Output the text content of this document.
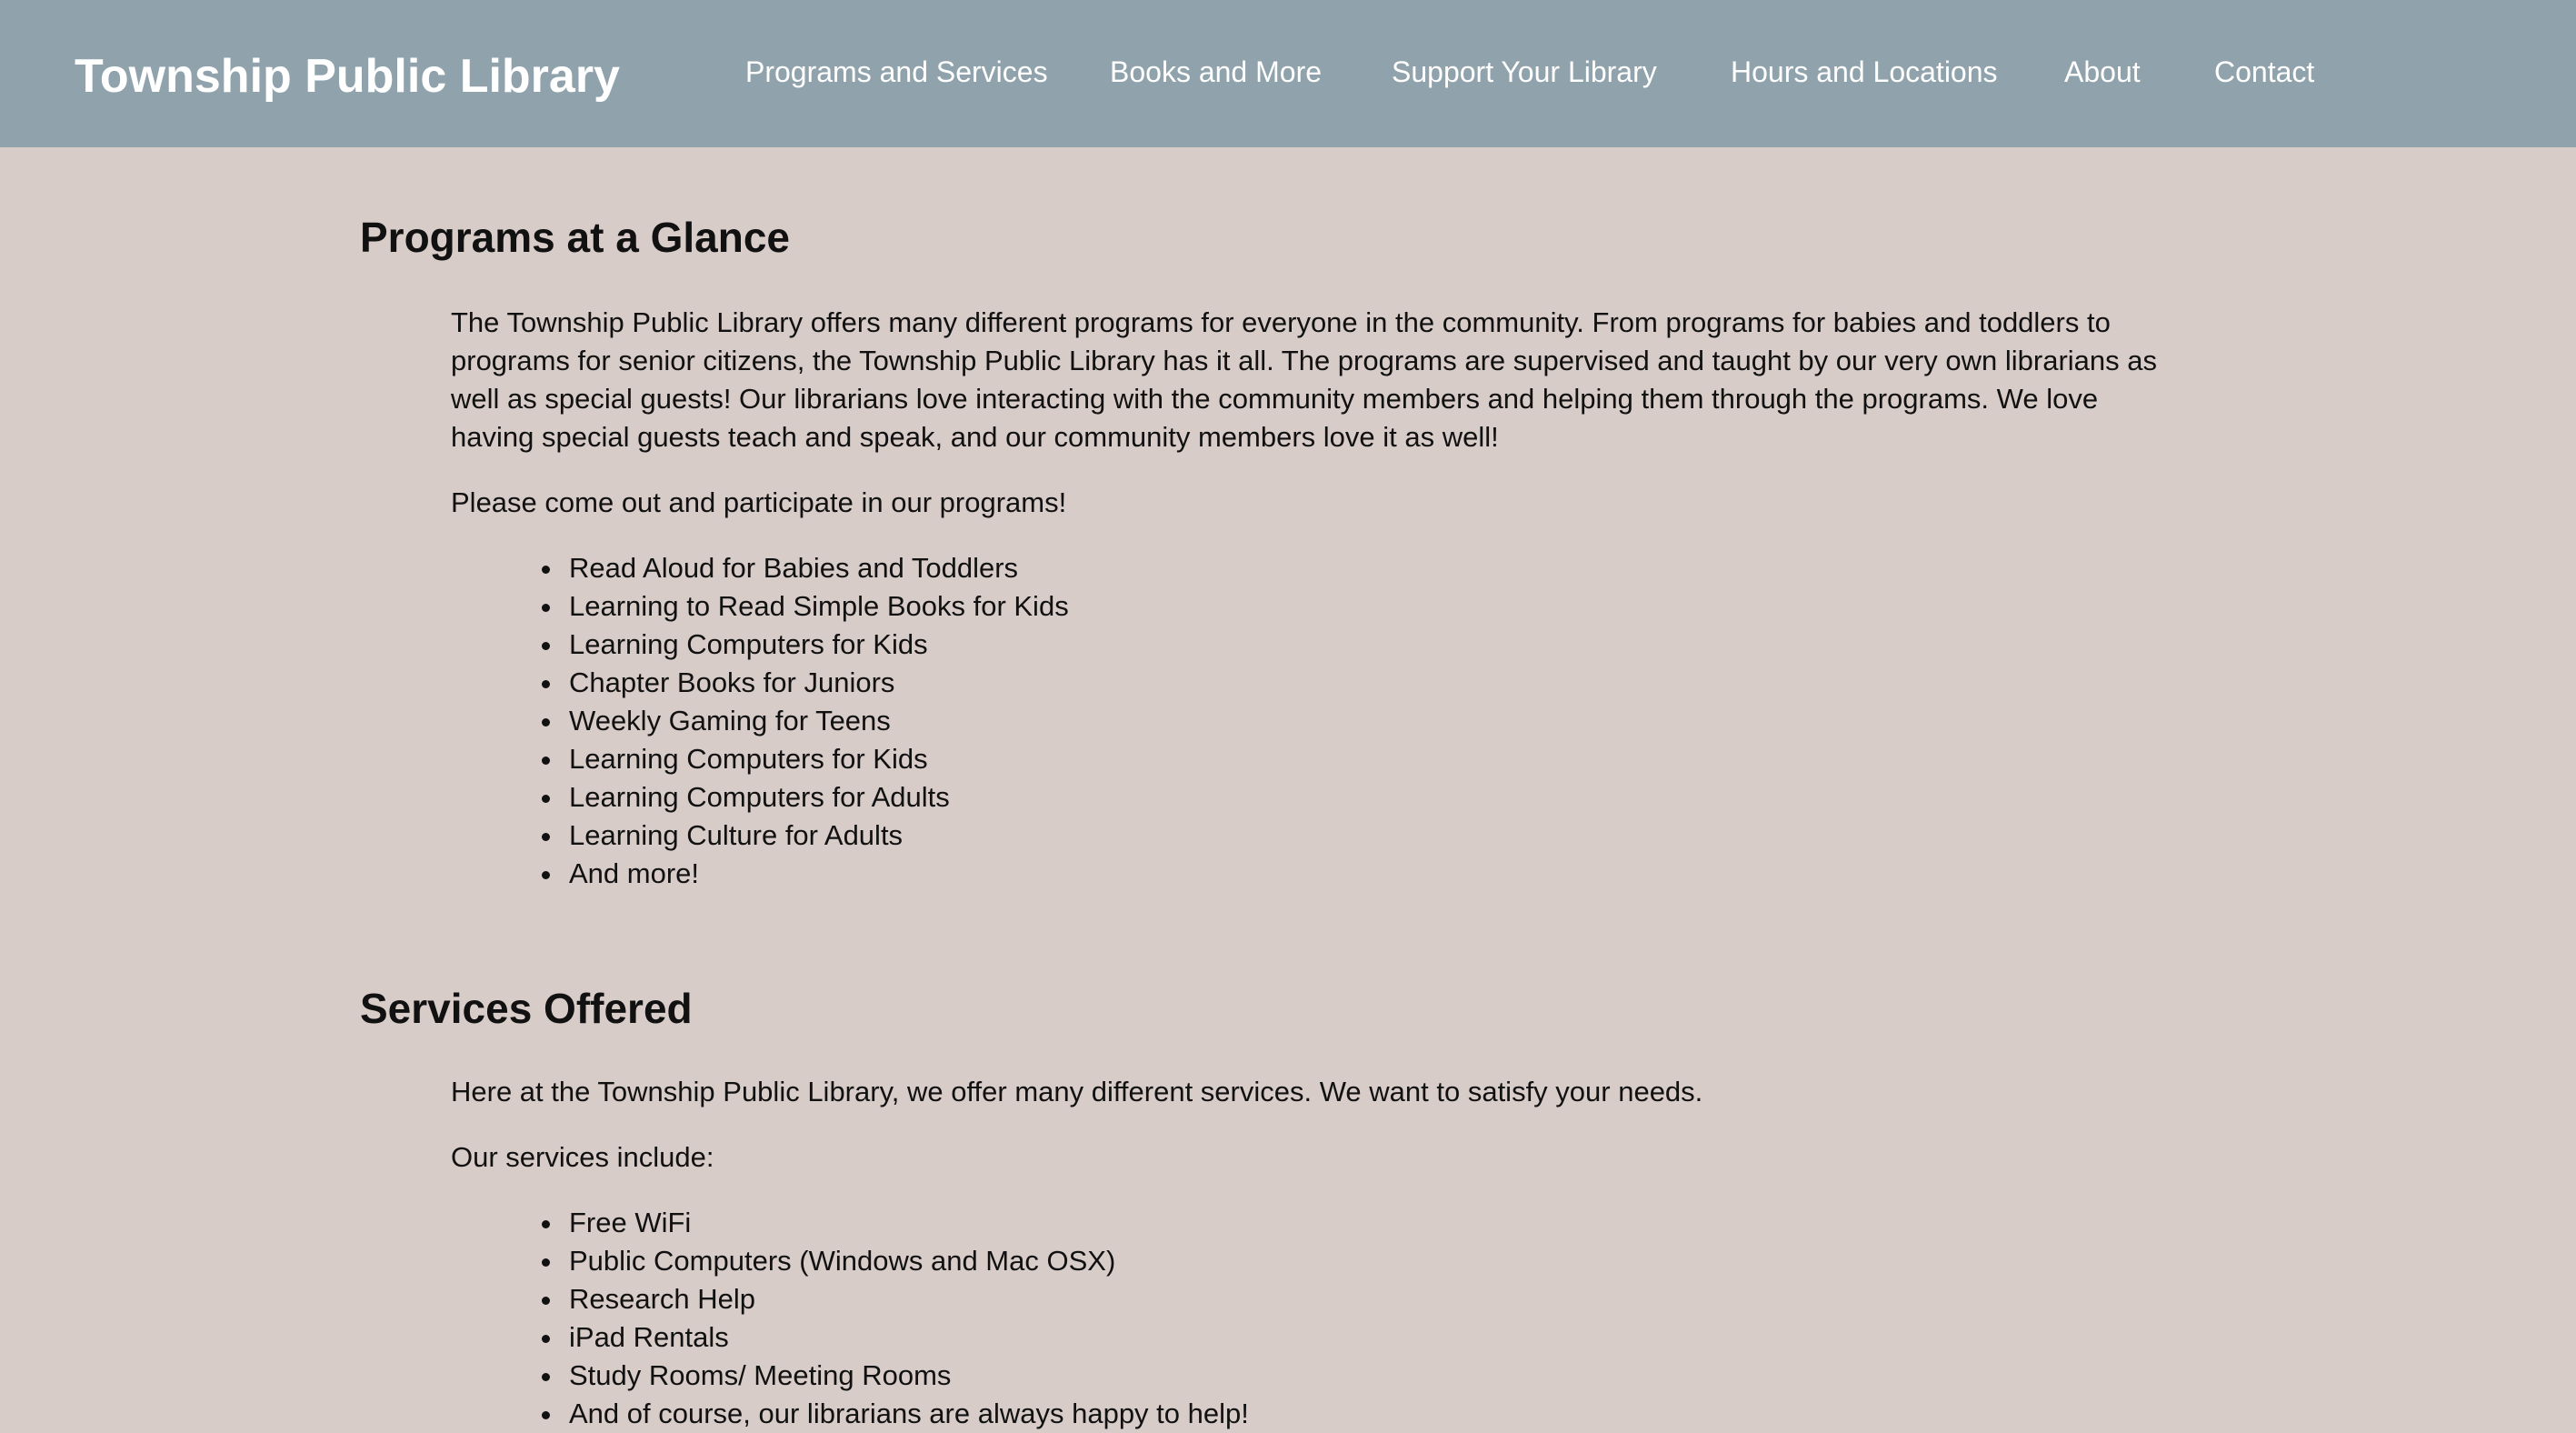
Township Public Library	Programs and Services Books and More Support Your Library	Hours and Locations About	Contact
Programs at a Glance

The Township Public Library offers many different programs for everyone in the community. From programs for babies and toddlers to programs for senior citizens, the Township Public Library has it all. The programs are supervised and taught by our very own librarians as well as special guests! Our librarians love interacting with the community members and helping them through the programs. We love having special guests teach and speak, and our community members love it as well!

Please come out and participate in our programs!

Read Aloud for Babies and Toddlers
Learning to Read Simple Books for Kids
Learning Computers for Kids
Chapter Books for Juniors
Weekly Gaming for Teens
Learning Computers for Kids
Learning Computers for Adults
Learning Culture for Adults
And more!
Services Offered

Here at the Township Public Library, we offer many different services. We want to satisfy your needs.

Our services include:

Free WiFi
Public Computers (Windows and Mac OSX)
Research Help
iPad Rentals
Study Rooms/ Meeting Rooms
And of course, our librarians are always happy to help!
